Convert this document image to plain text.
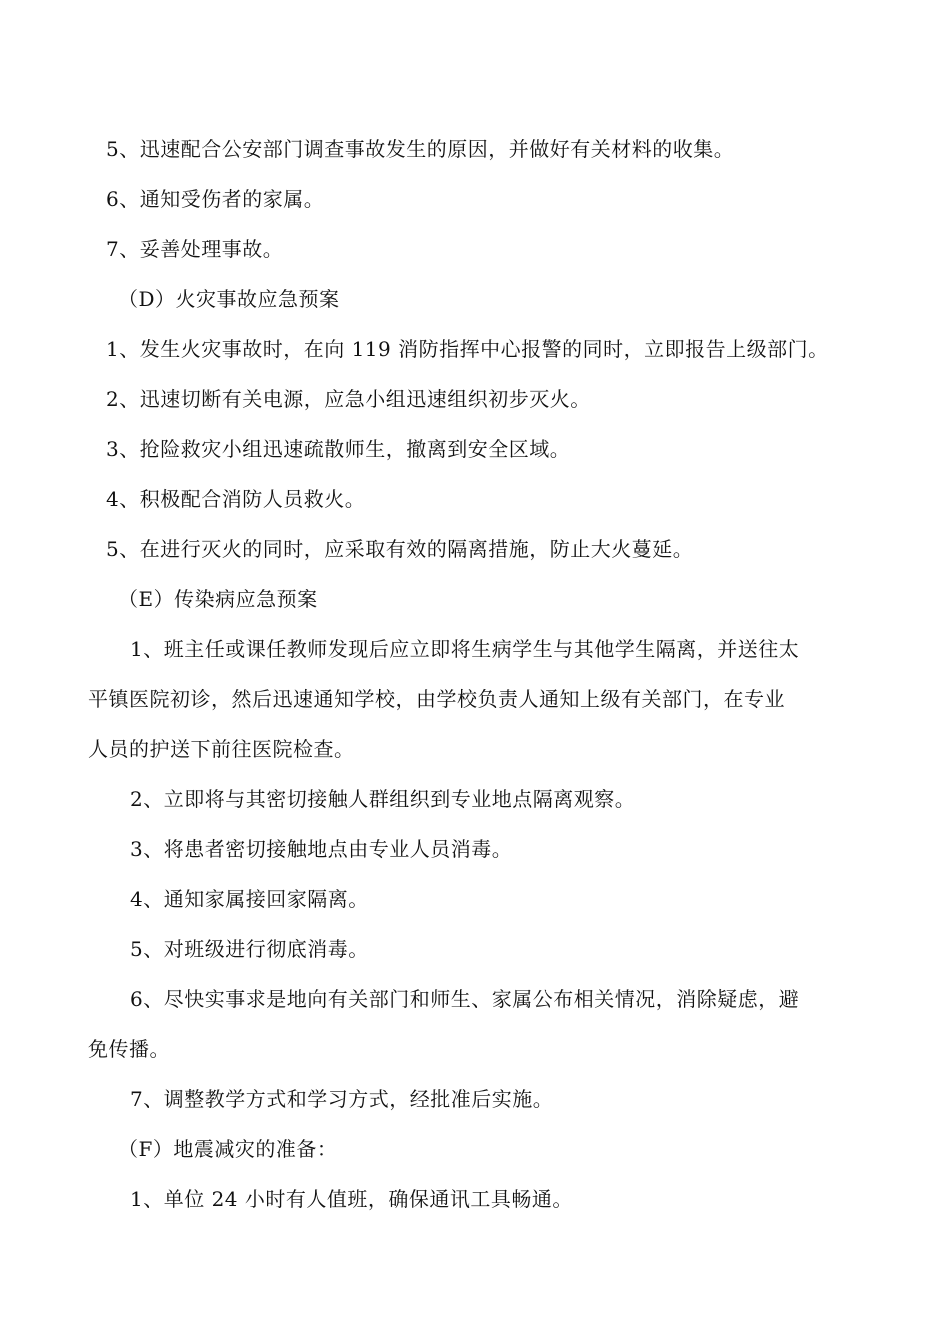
5、迅速配合公安部门调查事故发生的原因，并做好有关材料的收集。
6、通知受伤者的家属。
7、妥善处理事故。
（D）火灾事故应急预案
1、发生火灾事故时，在向 119 消防指挥中心报警的同时，立即报告上级部门。
2、迅速切断有关电源，应急小组迅速组织初步灭火。
3、抢险救灾小组迅速疏散师生，撤离到安全区域。
4、积极配合消防人员救火。
5、在进行灭火的同时，应采取有效的隔离措施，防止大火蔓延。
（E）传染病应急预案
1、班主任或课任教师发现后应立即将生病学生与其他学生隔离，并送往太
平镇医院初诊，然后迅速通知学校，由学校负责人通知上级有关部门，在专业
人员的护送下前往医院检查。
2、立即将与其密切接触人群组织到专业地点隔离观察。
3、将患者密切接触地点由专业人员消毒。
4、通知家属接回家隔离。
5、对班级进行彻底消毒。
6、尽快实事求是地向有关部门和师生、家属公布相关情况，消除疑虑，避
免传播。
7、调整教学方式和学习方式，经批准后实施。
（F）地震减灾的准备：
1、单位 24 小时有人值班，确保通讯工具畅通。
